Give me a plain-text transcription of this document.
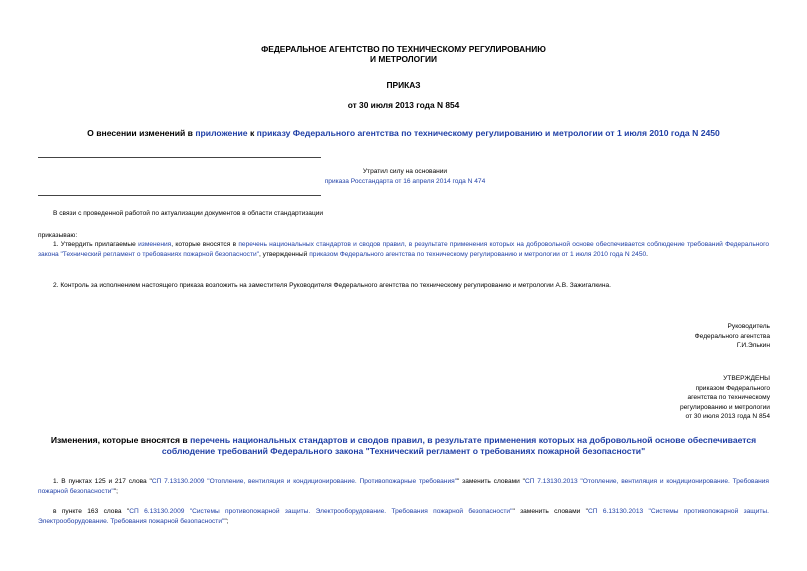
ФЕДЕРАЛЬНОЕ АГЕНТСТВО ПО ТЕХНИЧЕСКОМУ РЕГУЛИРОВАНИЮ

И МЕТРОЛОГИИ

ПРИКАЗ
от 30 июля 2013 года N 854
О внесении изменений в приложение к приказу Федерального агентства по техническому регулированию и метрологии от 1 июля 2010 года N 2450

Утратил силу на основании

приказа Росстандарта от 16 апреля 2014 года N 474

В связи с проведенной работой по актуализации документов в области стандартизации
приказываю:
1. Утвердить прилагаемые изменения, которые вносятся в перечень национальных стандартов и сводов правил, в результате применения которых на добровольной основе обеспечивается соблюдение требований Федерального закона "Технический регламент о требованиях пожарной безопасности", утвержденный приказом Федерального агентства по техническому регулированию и метрологии от 1 июля 2010 года N 2450.
2. Контроль за исполнением настоящего приказа возложить на заместителя Руководителя Федерального агентства по техническому регулированию и метрологии А.В. Зажигалкина.

Руководитель

Федерального агентства

Г.И.Элькин

УТВЕРЖДЕНЫ

приказом Федерального

агентства по техническому

регулированию и метрологии

от 30 июля 2013 года N 854

Изменения, которые вносятся в перечень национальных стандартов и сводов правил, в результате применения которых на добровольной основе обеспечивается соблюдение требований Федерального закона "Технический регламент о требованиях пожарной безопасности"
1. В пунктах 125 и 217 слова "СП 7.13130.2009 "Отопление, вентиляция и кондиционирование. Противопожарные требования"" заменить словами "СП 7.13130.2013 "Отопление, вентиляция и кондиционирование. Требования пожарной безопасности"";
в пункте 163 слова "СП 6.13130.2009 "Системы противопожарной защиты. Электрооборудование. Требования пожарной безопасности"" заменить словами "СП 6.13130.2013 "Системы противопожарной защиты. Электрооборудование. Требования пожарной безопасности"";
